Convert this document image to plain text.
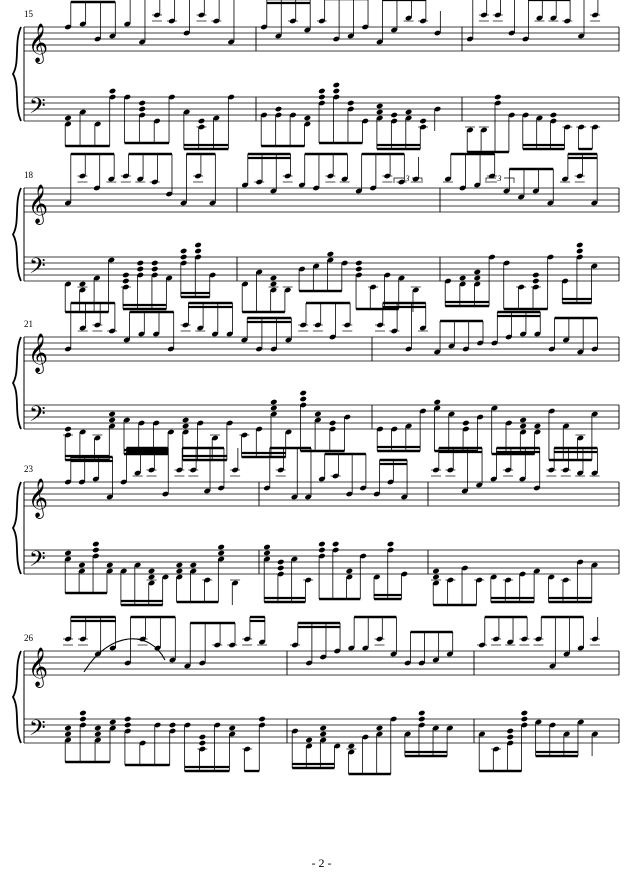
15
𝄞
𝄢
18
𝄞
𝄢
21
𝄞
𝄢
23
𝄞
𝄢
26
𝄞
𝄢
3	3
- 2 -
